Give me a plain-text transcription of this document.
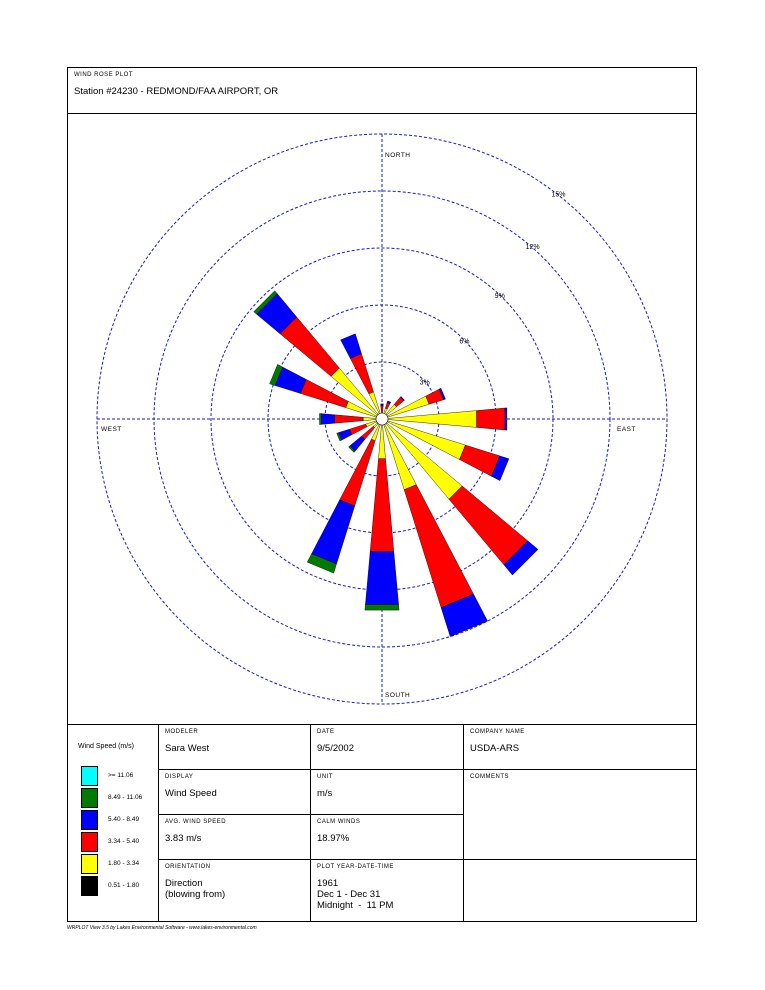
WIND ROSE PLOT
Station #24230 - REDMOND/FAA AIRPORT, OR
3%
6%
9%
12%
15%
NORTH
SOUTH
EAST
WEST
Wind Speed (m/s)
>= 11.06
8.49 - 11.06
5.40 - 8.49
3.34 - 5.40
1.80 - 3.34
0.51 - 1.80
MODELER
Sara West
DATE
9/5/2002
COMPANY NAME
USDA-ARS
DISPLAY
Wind Speed
UNIT
m/s
COMMENTS
AVG. WIND SPEED
3.83 m/s
CALM WINDS
18.97%
ORIENTATION
Direction
(blowing from)
PLOT YEAR-DATE-TIME
1961
Dec 1 - Dec 31
Midnight  -  11 PM
WRPLOT View 3.5 by Lakes Environmental Software - www.lakes-environmental.com
